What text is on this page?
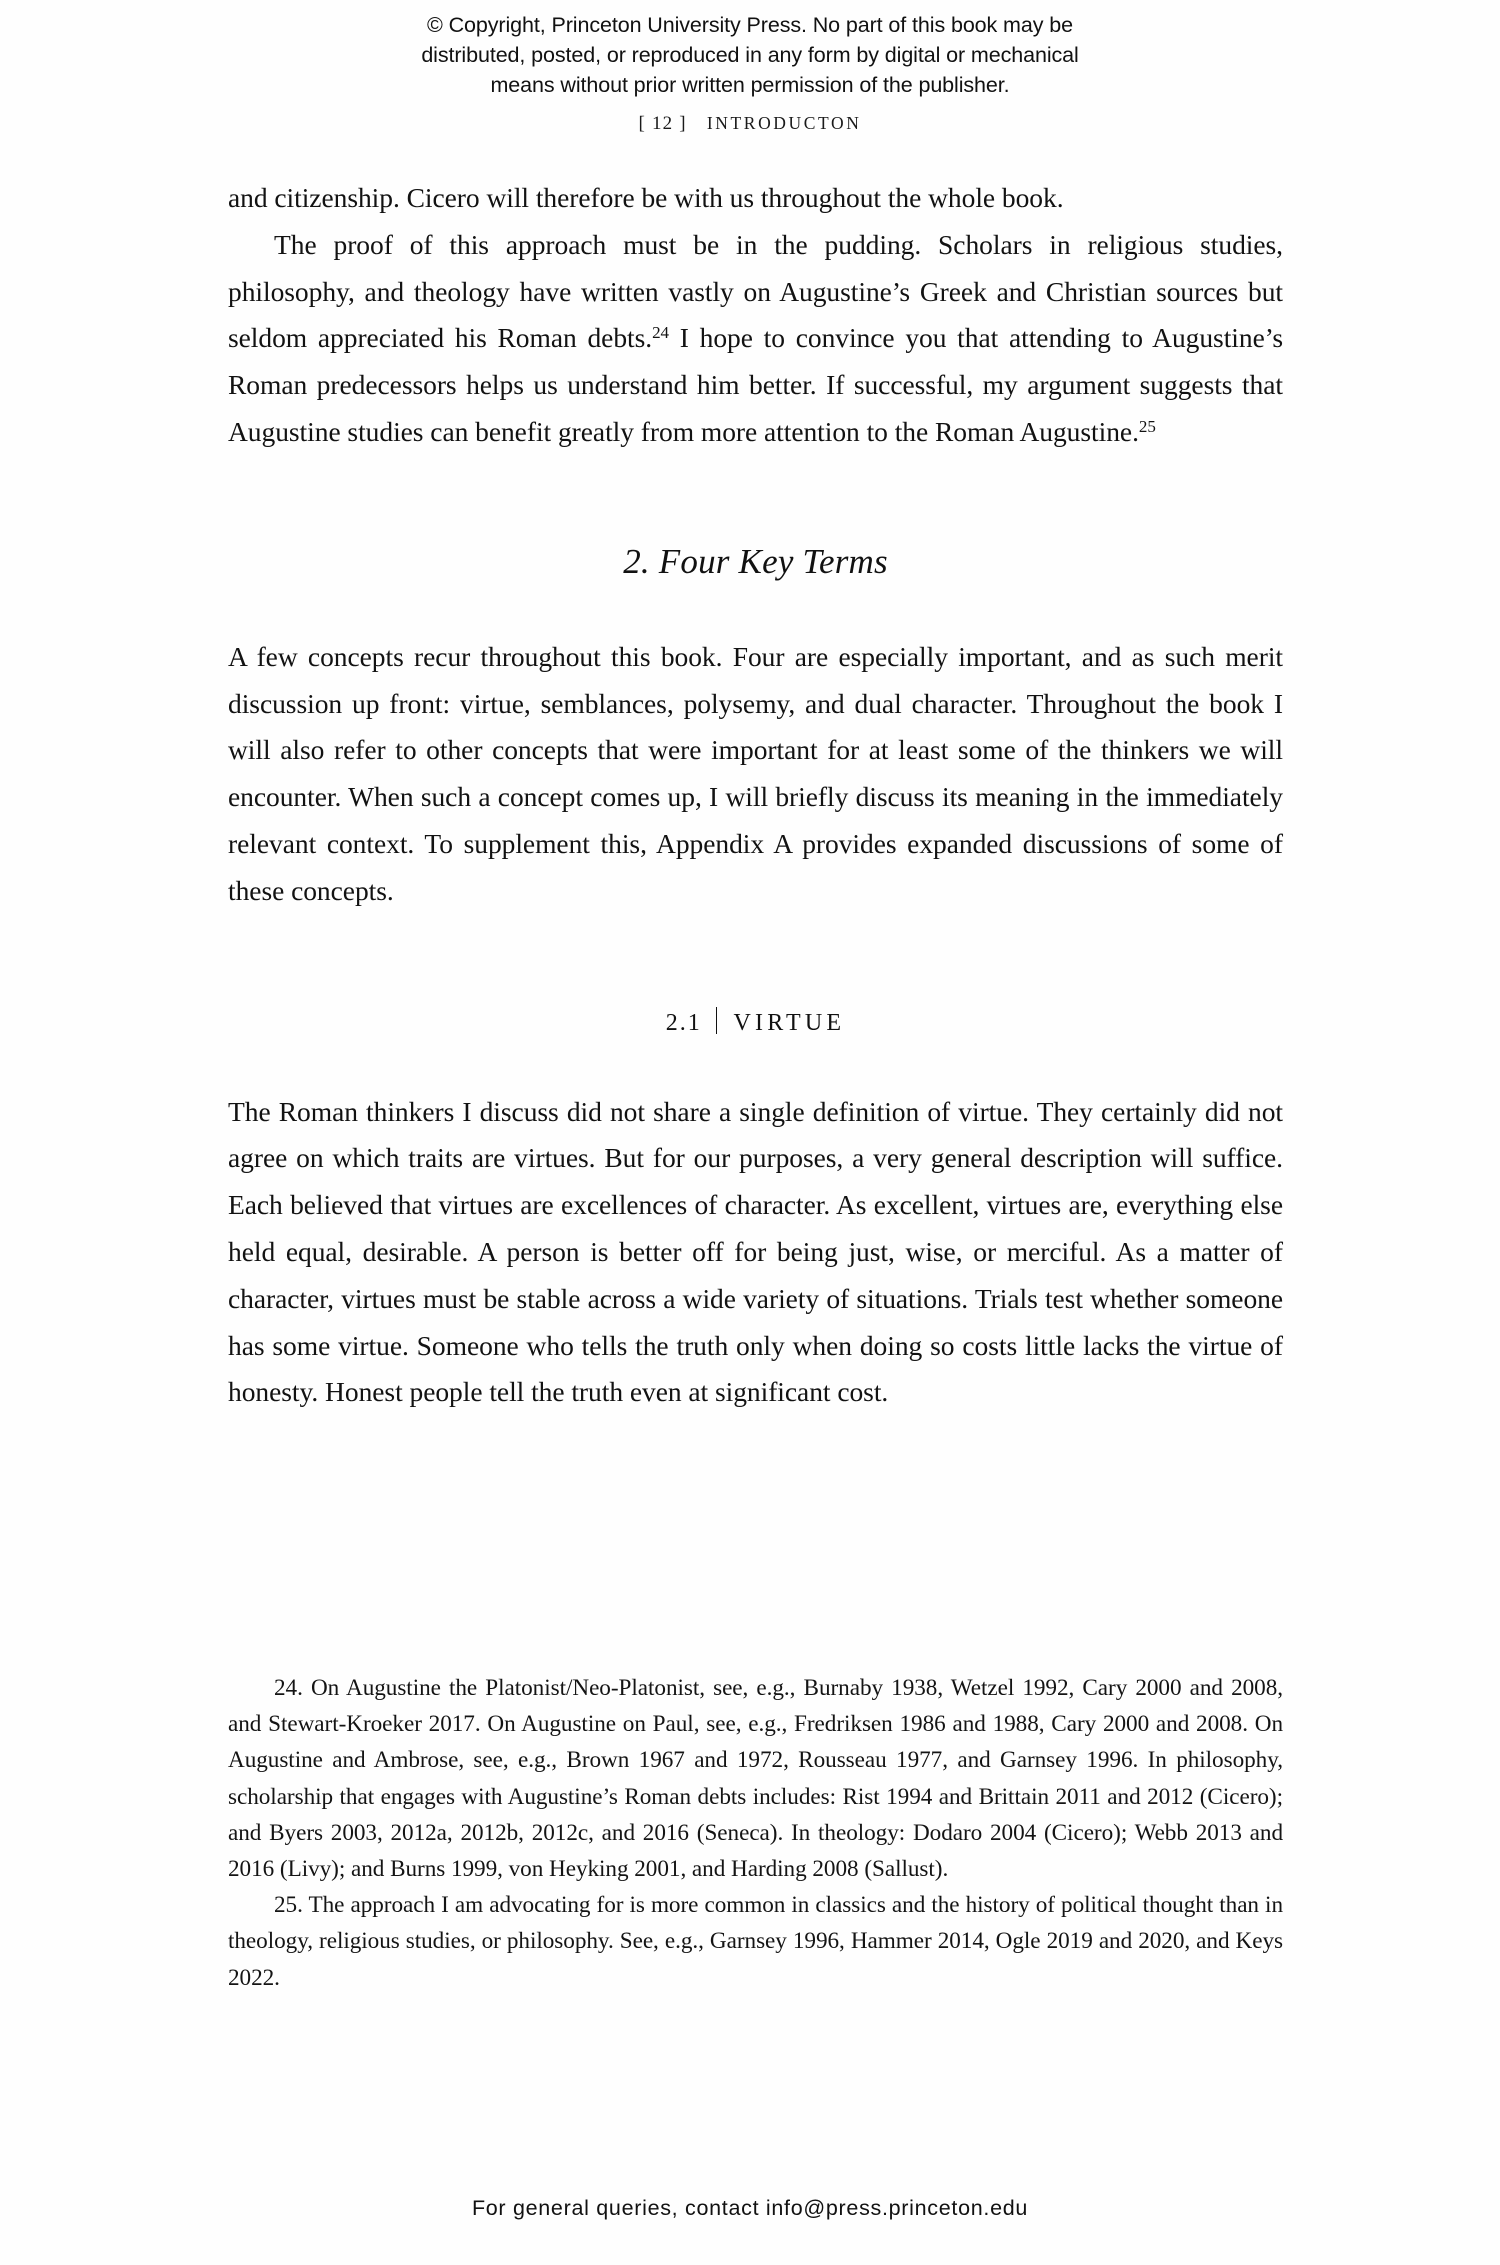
© Copyright, Princeton University Press. No part of this book may be
distributed, posted, or reproduced in any form by digital or mechanical
means without prior written permission of the publisher.
[ 12 ] INTRODUCTON

and citizenship. Cicero will therefore be with us throughout the whole book.

The proof of this approach must be in the pudding. Scholars in religious studies, philosophy, and theology have written vastly on Augustine’s Greek and Christian sources but seldom appreciated his Roman debts.$^{24}$ I hope to convince you that attending to Augustine’s Roman predecessors helps us understand him better. If successful, my argument suggests that Augustine studies can benefit greatly from more attention to the Roman Augustine.$^{25}$

2. Four Key Terms

A few concepts recur throughout this book. Four are especially important, and as such merit discussion up front: virtue, semblances, polysemy, and dual character. Throughout the book I will also refer to other concepts that were important for at least some of the thinkers we will encounter. When such a concept comes up, I will briefly discuss its meaning in the immediately relevant context. To supplement this, Appendix A provides expanded discussions of some of these concepts.

2.1 VIRTUE

The Roman thinkers I discuss did not share a single definition of virtue. They certainly did not agree on which traits are virtues. But for our purposes, a very general description will suffice. Each believed that virtues are excellences of character. As excellent, virtues are, everything else held equal, desirable. A person is better off for being just, wise, or merciful. As a matter of character, virtues must be stable across a wide variety of situations. Trials test whether someone has some virtue. Someone who tells the truth only when doing so costs little lacks the virtue of honesty. Honest people tell the truth even at significant cost.

24. On Augustine the Platonist/Neo-Platonist, see, e.g., Burnaby 1938, Wetzel 1992, Cary 2000 and 2008, and Stewart-Kroeker 2017. On Augustine on Paul, see, e.g., Fredriksen 1986 and 1988, Cary 2000 and 2008. On Augustine and Ambrose, see, e.g., Brown 1967 and 1972, Rousseau 1977, and Garnsey 1996. In philosophy, scholarship that engages with Augustine’s Roman debts includes: Rist 1994 and Brittain 2011 and 2012 (Cicero); and Byers 2003, 2012a, 2012b, 2012c, and 2016 (Seneca). In theology: Dodaro 2004 (Cicero); Webb 2013 and 2016 (Livy); and Burns 1999, von Heyking 2001, and Harding 2008 (Sallust).

25. The approach I am advocating for is more common in classics and the history of political thought than in theology, religious studies, or philosophy. See, e.g., Garnsey 1996, Hammer 2014, Ogle 2019 and 2020, and Keys 2022.

For general queries, contact info@press.princeton.edu
